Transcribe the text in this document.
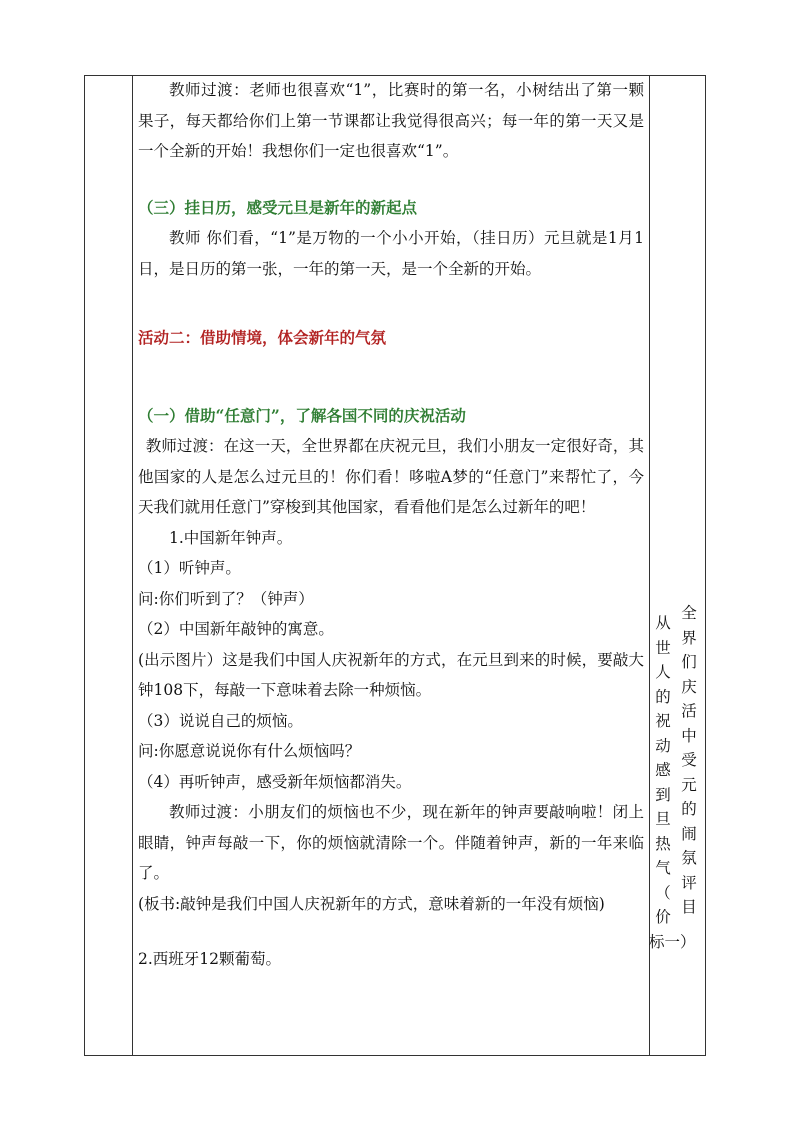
教师过渡：老师也很喜欢“1”，比赛时的第一名，小树结出了第一颗果子，每天都给你们上第一节课都让我觉得很高兴；每一年的第一天又是一个全新的开始！我想你们一定也很喜欢“1”。

（三）挂日历，感受元旦是新年的新起点

教师 你们看，“1”是万物的一个小小开始，（挂日历）元旦就是1月1日，是日历的第一张，一年的第一天，是一个全新的开始。

活动二：借助情境，体会新年的气氛

（一）借助“任意门”，了解各国不同的庆祝活动

教师过渡：在这一天，全世界都在庆祝元旦，我们小朋友一定很好奇，其他国家的人是怎么过元旦的！你们看！哆啦A梦的“任意门”来帮忙了，今天我们就用任意门”穿梭到其他国家，看看他们是怎么过新年的吧！

1.中国新年钟声。

（1）听钟声。

问:你们听到了？（钟声）

（2）中国新年敲钟的寓意。

(出示图片）这是我们中国人庆祝新年的方式，在元旦到来的时候，要敲大钟108下，每敲一下意味着去除一种烦恼。

（3）说说自己的烦恼。

问:你愿意说说你有什么烦恼吗？

（4）再听钟声，感受新年烦恼都消失。

教师过渡：小朋友们的烦恼也不少，现在新年的钟声要敲响啦！闭上眼睛，钟声每敲一下，你的烦恼就清除一个。伴随着钟声，新的一年来临了。

(板书:敲钟是我们中国人庆祝新年的方式，意味着新的一年没有烦恼)

2.西班牙12颗葡萄。

从
世
人
的
祝
动
感
到
旦
热
气
（
价
标一）
全
界
们
庆
活
中
受
元
的
闹
氛
评
目
